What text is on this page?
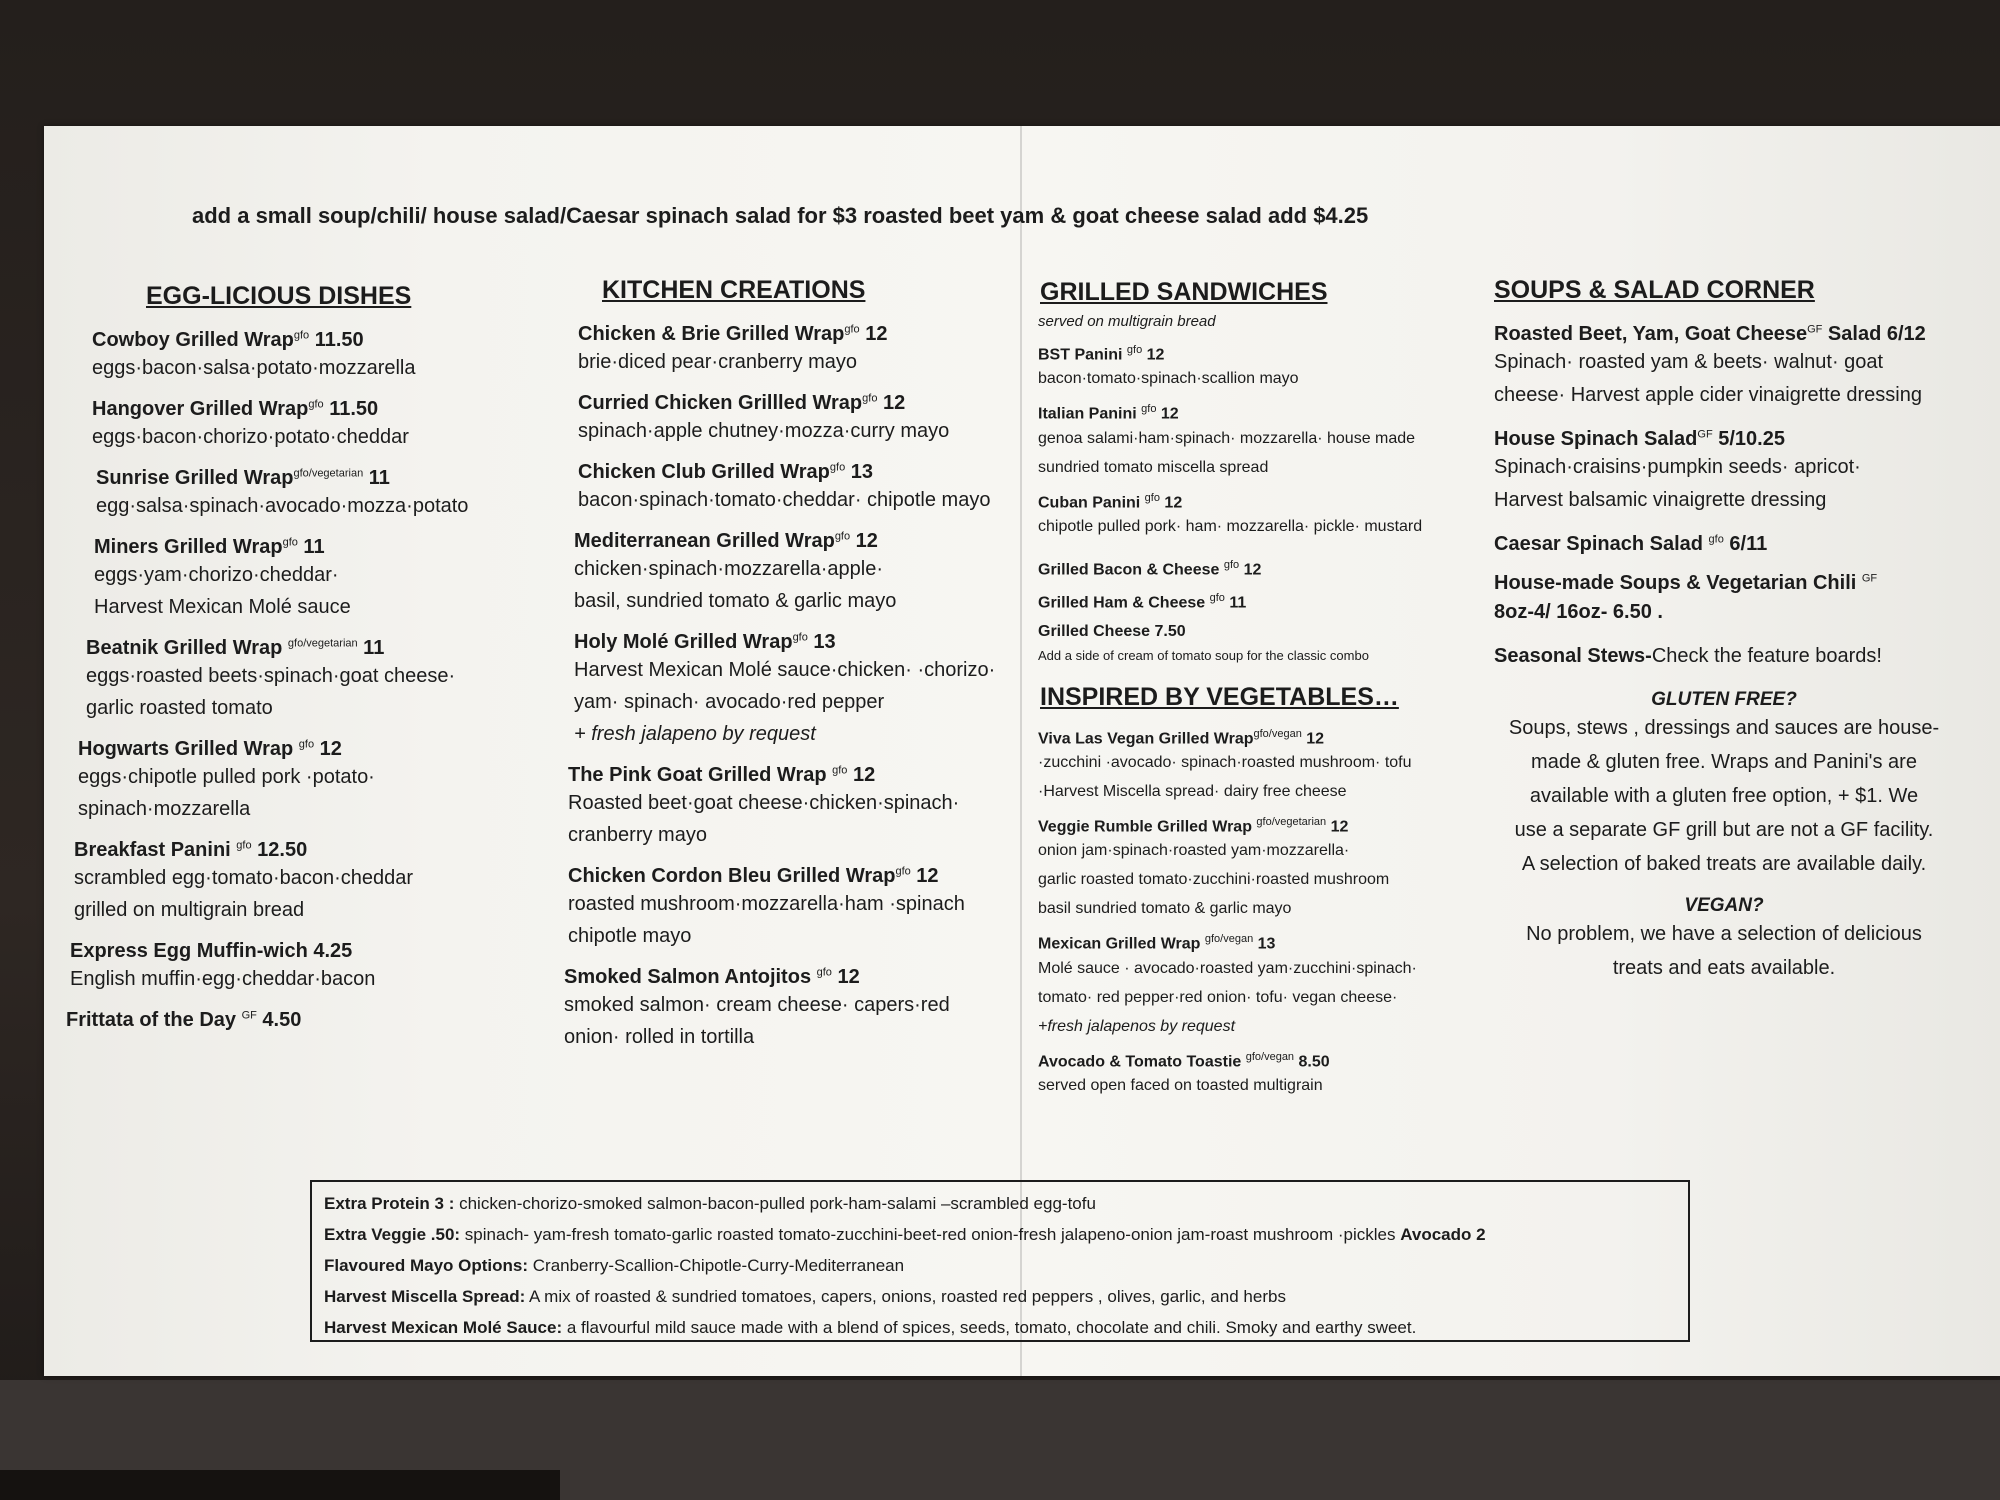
add a small soup/chili/ house salad/Caesar spinach salad for $3 roasted beet yam & goat cheese salad add $4.25
EGG-LICIOUS DISHES
Cowboy Grilled Wrap$^{gfo}$ 11.50
eggs·bacon·salsa·potato·mozzarella
Hangover Grilled Wrap$^{gfo}$ 11.50
eggs·bacon·chorizo·potato·cheddar
Sunrise Grilled Wrap$^{gfo/vegetarian}$ 11
egg·salsa·spinach·avocado·mozza·potato
Miners Grilled Wrap$^{gfo}$ 11
eggs·yam·chorizo·cheddar·
Harvest Mexican Molé sauce
Beatnik Grilled Wrap $^{gfo/vegetarian}$ 11
eggs·roasted beets·spinach·goat cheese·
garlic roasted tomato
Hogwarts Grilled Wrap $^{gfo}$ 12
eggs·chipotle pulled pork ·potato·
spinach·mozzarella
Breakfast Panini $^{gfo}$ 12.50
scrambled egg·tomato·bacon·cheddar
grilled on multigrain bread
Express Egg Muffin-wich 4.25
English muffin·egg·cheddar·bacon
Frittata of the Day $^{GF}$ 4.50
KITCHEN CREATIONS
Chicken & Brie Grilled Wrap$^{gfo}$ 12
brie·diced pear·cranberry mayo
Curried Chicken Grillled Wrap$^{gfo}$ 12
spinach·apple chutney·mozza·curry mayo
Chicken Club Grilled Wrap$^{gfo}$ 13
bacon·spinach·tomato·cheddar· chipotle mayo
Mediterranean Grilled Wrap$^{gfo}$ 12
chicken·spinach·mozzarella·apple·
basil, sundried tomato & garlic mayo
Holy Molé Grilled Wrap$^{gfo}$ 13
Harvest Mexican Molé sauce·chicken· ·chorizo·
yam· spinach· avocado·red pepper
+ fresh jalapeno by request
The Pink Goat Grilled Wrap $^{gfo}$ 12
Roasted beet·goat cheese·chicken·spinach·
cranberry mayo
Chicken Cordon Bleu Grilled Wrap$^{gfo}$ 12
roasted mushroom·mozzarella·ham ·spinach
chipotle mayo
Smoked Salmon Antojitos $^{gfo}$ 12
smoked salmon· cream cheese· capers·red
onion· rolled in tortilla
GRILLED SANDWICHES
served on multigrain bread
BST Panini $^{gfo}$ 12
bacon·tomato·spinach·scallion mayo
Italian Panini $^{gfo}$ 12
genoa salami·ham·spinach· mozzarella· house made
sundried tomato miscella spread
Cuban Panini $^{gfo}$ 12
chipotle pulled pork· ham· mozzarella· pickle· mustard
Grilled Bacon & Cheese $^{gfo}$ 12
Grilled Ham & Cheese $^{gfo}$ 11
Grilled Cheese 7.50
Add a side of cream of tomato soup for the classic combo
INSPIRED BY VEGETABLES…
Viva Las Vegan Grilled Wrap$^{gfo/vegan}$ 12
·zucchini ·avocado· spinach·roasted mushroom· tofu
·Harvest Miscella spread· dairy free cheese
Veggie Rumble Grilled Wrap $^{gfo/vegetarian}$ 12
onion jam·spinach·roasted yam·mozzarella·
garlic roasted tomato·zucchini·roasted mushroom
basil sundried tomato & garlic mayo
Mexican Grilled Wrap $^{gfo/vegan}$ 13
Molé sauce · avocado·roasted yam·zucchini·spinach·
tomato· red pepper·red onion· tofu· vegan cheese·
+fresh jalapenos by request
Avocado & Tomato Toastie $^{gfo/vegan}$ 8.50
served open faced on toasted multigrain
SOUPS & SALAD CORNER
Roasted Beet, Yam, Goat Cheese$^{GF}$ Salad 6/12
Spinach· roasted yam & beets· walnut· goat
cheese· Harvest apple cider vinaigrette dressing
House Spinach Salad$^{GF}$ 5/10.25
Spinach·craisins·pumpkin seeds· apricot·
Harvest balsamic vinaigrette dressing
Caesar Spinach Salad $^{gfo}$ 6/11
House-made Soups & Vegetarian Chili $^{GF}$
8oz-4/ 16oz- 6.50 .
Seasonal Stews-Check the feature boards!
GLUTEN FREE?
Soups, stews , dressings and sauces are house-
made & gluten free. Wraps and Panini's are
available with a gluten free option, + $1. We
use a separate GF grill but are not a GF facility.
A selection of baked treats are available daily.
VEGAN?
No problem, we have a selection of delicious
treats and eats available.
Extra Protein 3 : chicken-chorizo-smoked salmon-bacon-pulled pork-ham-salami –scrambled egg-tofu
Extra Veggie .50: spinach- yam-fresh tomato-garlic roasted tomato-zucchini-beet-red onion-fresh jalapeno-onion jam-roast mushroom ·pickles Avocado 2
Flavoured Mayo Options: Cranberry-Scallion-Chipotle-Curry-Mediterranean
Harvest Miscella Spread: A mix of roasted & sundried tomatoes, capers, onions, roasted red peppers , olives, garlic, and herbs
Harvest Mexican Molé Sauce: a flavourful mild sauce made with a blend of spices, seeds, tomato, chocolate and chili. Smoky and earthy sweet.
